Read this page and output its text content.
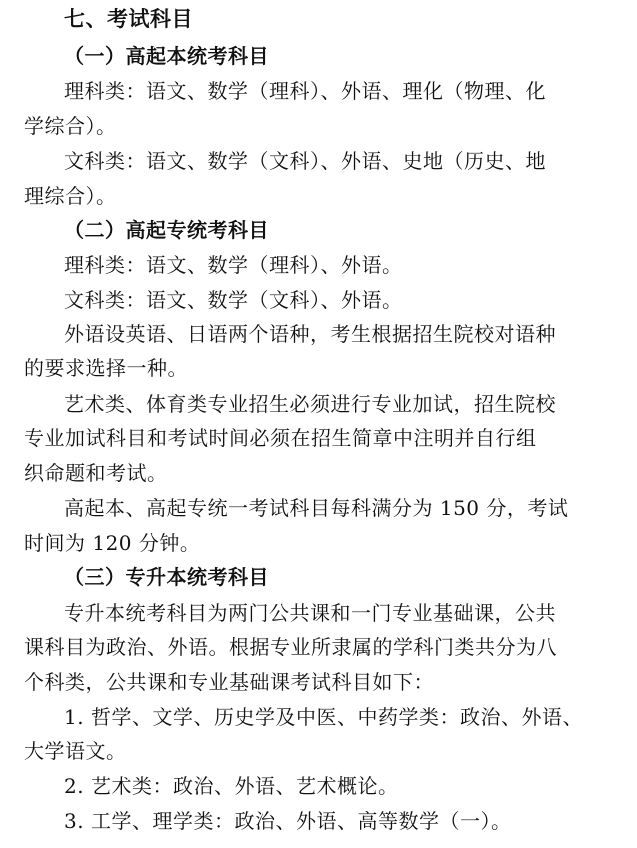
七、考试科目
（一）高起本统考科目
理科类：语文、数学（理科）、外语、理化（物理、化
学综合）。
文科类：语文、数学（文科）、外语、史地（历史、地
理综合）。
（二）高起专统考科目
理科类：语文、数学（理科）、外语。
文科类：语文、数学（文科）、外语。
外语设英语、日语两个语种，考生根据招生院校对语种
的要求选择一种。
艺术类、体育类专业招生必须进行专业加试，招生院校
专业加试科目和考试时间必须在招生简章中注明并自行组
织命题和考试。
高起本、高起专统一考试科目每科满分为 150 分，考试
时间为 120 分钟。
（三）专升本统考科目
专升本统考科目为两门公共课和一门专业基础课，公共
课科目为政治、外语。根据专业所隶属的学科门类共分为八
个科类，公共课和专业基础课考试科目如下：
1. 哲学、文学、历史学及中医、中药学类：政治、外语、
大学语文。
2. 艺术类：政治、外语、艺术概论。
3. 工学、理学类：政治、外语、高等数学（一）。
